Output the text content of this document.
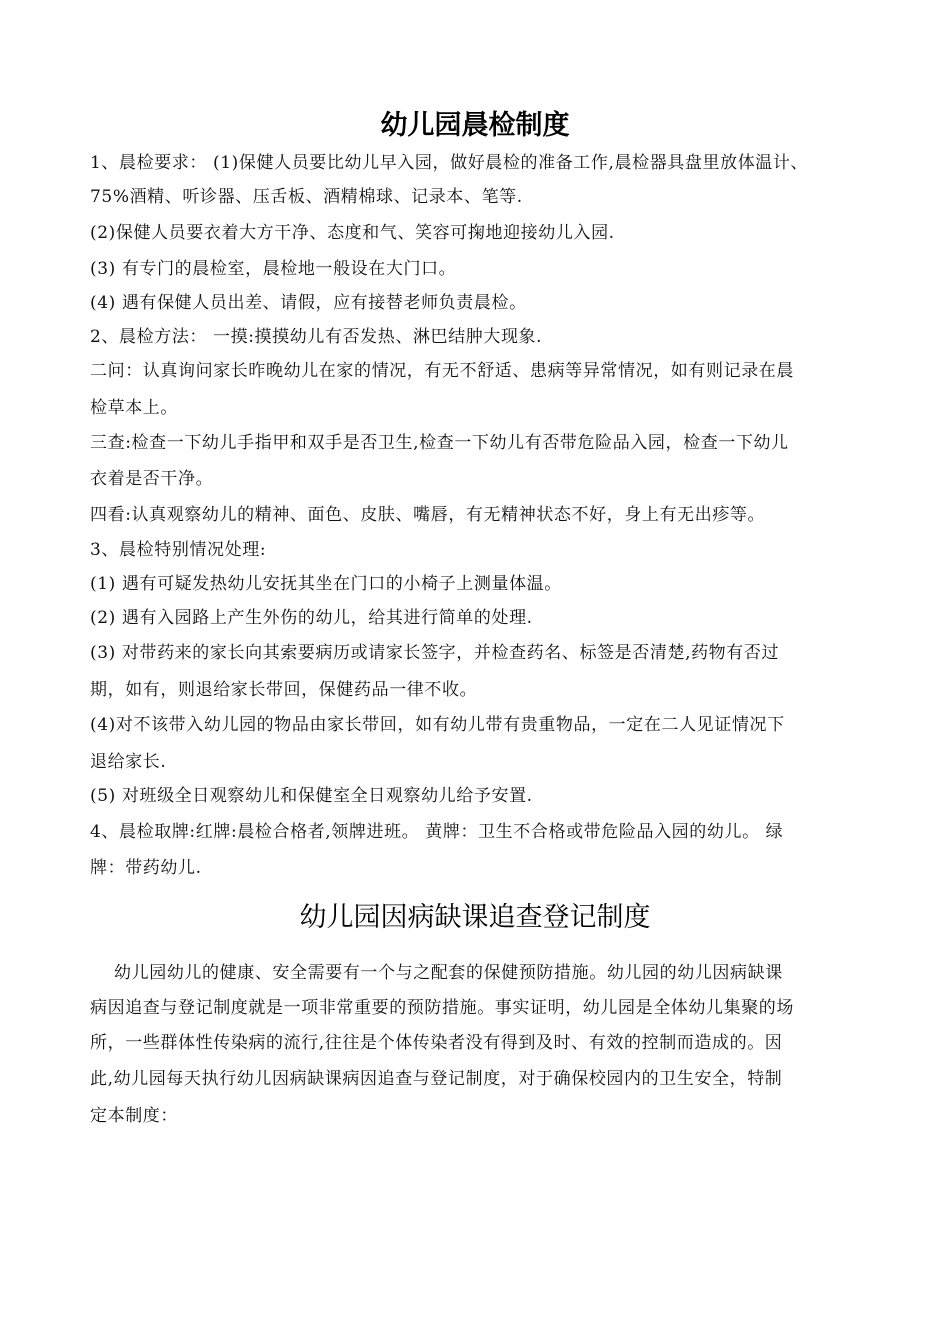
幼儿园晨检制度
1、晨检要求： (1)保健人员要比幼儿早入园，做好晨检的准备工作,晨检器具盘里放体温计、
75%酒精、听诊器、压舌板、酒精棉球、记录本、笔等.
(2)保健人员要衣着大方干净、态度和气、笑容可掬地迎接幼儿入园.
(3) 有专门的晨检室，晨检地一般设在大门口。
(4) 遇有保健人员出差、请假，应有接替老师负责晨检。
2、晨检方法： 一摸:摸摸幼儿有否发热、淋巴结肿大现象.
二问：认真询问家长昨晚幼儿在家的情况，有无不舒适、患病等异常情况，如有则记录在晨
检草本上。
三查:检查一下幼儿手指甲和双手是否卫生,检查一下幼儿有否带危险品入园，检查一下幼儿
衣着是否干净。
四看:认真观察幼儿的精神、面色、皮肤、嘴唇，有无精神状态不好，身上有无出疹等。
3、晨检特别情况处理:
(1) 遇有可疑发热幼儿安抚其坐在门口的小椅子上测量体温。
(2) 遇有入园路上产生外伤的幼儿，给其进行简单的处理.
(3) 对带药来的家长向其索要病历或请家长签字，并检查药名、标签是否清楚,药物有否过
期，如有，则退给家长带回，保健药品一律不收。
(4)对不该带入幼儿园的物品由家长带回，如有幼儿带有贵重物品，一定在二人见证情况下
退给家长.
(5) 对班级全日观察幼儿和保健室全日观察幼儿给予安置.
4、晨检取牌:红牌:晨检合格者,领牌进班。 黄牌：卫生不合格或带危险品入园的幼儿。 绿
牌：带药幼儿.
幼儿园因病缺课追查登记制度
幼儿园幼儿的健康、安全需要有一个与之配套的保健预防措施。幼儿园的幼儿因病缺课
病因追查与登记制度就是一项非常重要的预防措施。事实证明，幼儿园是全体幼儿集聚的场
所，一些群体性传染病的流行,往往是个体传染者没有得到及时、有效的控制而造成的。因
此,幼儿园每天执行幼儿因病缺课病因追查与登记制度，对于确保校园内的卫生安全，特制
定本制度：
